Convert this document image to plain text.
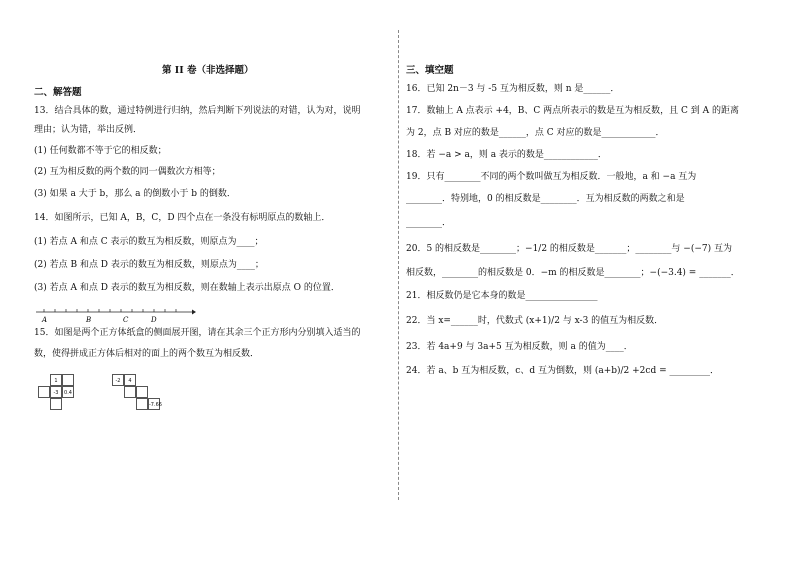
第 II 卷（非选择题）
二、解答题
13．结合具体的数，通过特例进行归纳，然后判断下列说法的对错，认为对，说明
理由；认为错，举出反例．
(1) 任何数都不等于它的相反数；
(2) 互为相反数的两个数的同一偶数次方相等；
(3) 如果 a 大于 b，那么 a 的倒数小于 b 的倒数．
14．如图所示，已知 A，B，C，D 四个点在一条没有标明原点的数轴上．
(1) 若点 A 和点 C 表示的数互为相反数，则原点为____；
(2) 若点 B 和点 D 表示的数互为相反数，则原点为____；
(3) 若点 A 和点 D 表示的数互为相反数，则在数轴上表示出原点 O 的位置．
A	B	C	D
15．如图是两个正方体纸盒的侧面展开图，请在其余三个正方形内分别填入适当的
数，使得拼成正方体后相对的面上的两个数互为相反数．
1
-3	0.4
-2	4
-7.66
三、填空题
16．已知 2n－3 与 -5 互为相反数，则 n 是______．
17．数轴上 A 点表示 +4，B、C 两点所表示的数是互为相反数，且 C 到 A 的距离
为 2，点 B 对应的数是______，点 C 对应的数是____________．
18．若 −a > a，则 a 表示的数是____________．
19．只有________不同的两个数叫做互为相反数．一般地，a 和 −a 互为
________．特别地，0 的相反数是________．互为相反数的两数之和是
________．
20．5 的相反数是________；−1/2 的相反数是_______；________与 −(−7) 互为
相反数，________的相反数是 0．−m 的相反数是________；−(−3.4) = _______．
21．相反数仍是它本身的数是________________
22．当 x=______时，代数式 (x+1)/2 与 x-3 的值互为相反数．
23．若 4a+9 与 3a+5 互为相反数，则 a 的值为____．
24．若 a、b 互为相反数，c、d 互为倒数，则 (a+b)/2 +2cd = _________．
